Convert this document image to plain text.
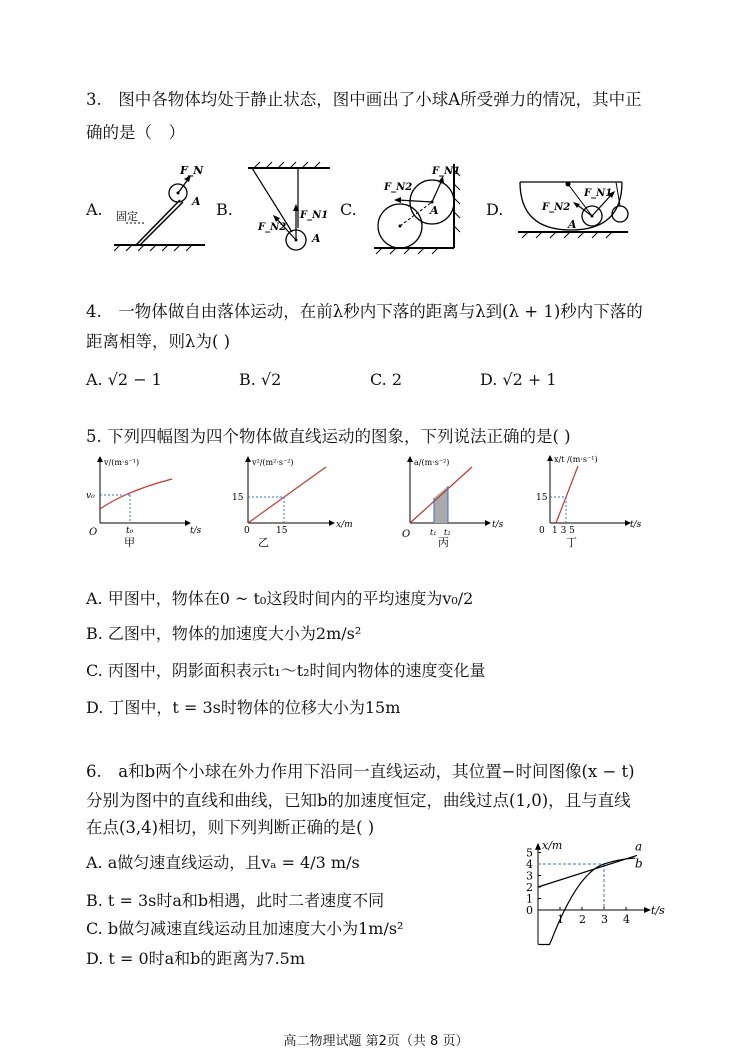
3.　图中各物体均处于静止状态，图中画出了小球A所受弹力的情况，其中正
确的是（　）
A.	B.	C.	D.
F_N
A
固定	F_N1
F_N2
A
F_N1
F_N2
A
F_N1
F_N2
A
4.　一物体做自由落体运动，在前λ秒内下落的距离与λ到(λ + 1)秒内下落的
距离相等，则λ为( )
A. √2 − 1	B. √2	C. 2	D. √2 + 1
5. 下列四幅图为四个物体做直线运动的图象，下列说法正确的是( )
v/(m·s⁻¹)
t/s
v₀
t₀
O
甲
v²/(m²·s⁻²)
x/m
15
15
0
乙
a/(m·s⁻²)
t/s
t₁ t₂
O
丙
x/t /(m·s⁻¹)
t/s
15
1 3 5
0
丁
A. 甲图中，物体在0 ~ t₀这段时间内的平均速度为v₀/2
B. 乙图中，物体的加速度大小为2m/s²
C. 丙图中，阴影面积表示t₁～t₂时间内物体的速度变化量
D. 丁图中，t = 3s时物体的位移大小为15m
6.　a和b两个小球在外力作用下沿同一直线运动，其位置−时间图像(x − t)
分别为图中的直线和曲线，已知b的加速度恒定，曲线过点(1,0)，且与直线
在点(3,4)相切，则下列判断正确的是( )
A. a做匀速直线运动，且vₐ = 4/3 m/s
B. t = 3s时a和b相遇，此时二者速度不同
C. b做匀减速直线运动且加速度大小为1m/s²
D. t = 0时a和b的距离为7.5m
x/m
t/s
0
1
2
3
4
5
1 2 3 4
a
b
高二物理试题 第2页（共 8 页）
